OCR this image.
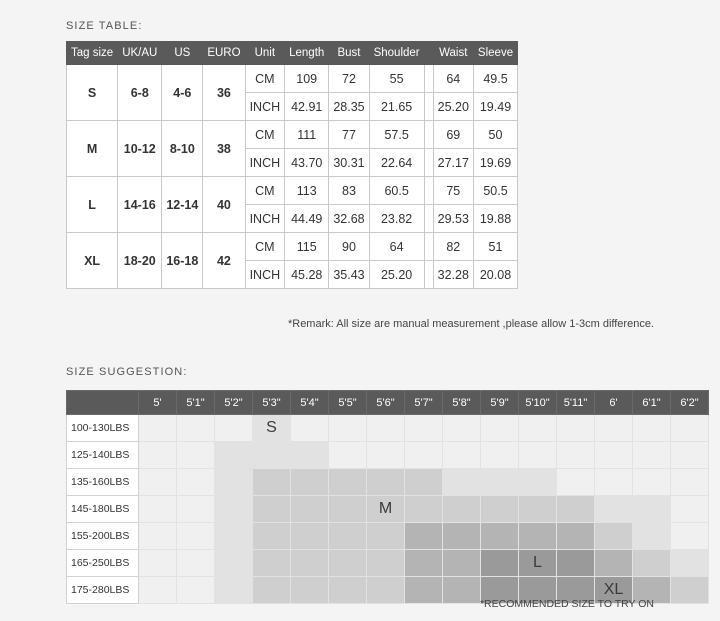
SIZE TABLE:
Tag size	UK/AU	US	EURO	Unit	Length	Bust	Shoulder		Waist	Sleeve
S	6-8	4-6	36	CM	109	72	55		64	49.5
				INCH	42.91	28.35	21.65		25.20	19.49
M	10-12	8-10	38	CM	111	77	57.5		69	50
				INCH	43.70	30.31	22.64		27.17	19.69
L	14-16	12-14	40	CM	113	83	60.5		75	50.5
				INCH	44.49	32.68	23.82		29.53	19.88
XL	18-20	16-18	42	CM	115	90	64		82	51
				INCH	45.28	35.43	25.20		32.28	20.08
*Remark: All size are manual measurement ,please allow 1-3cm difference.
SIZE SUGGESTION:
	5'	5'1"	5'2"	5'3"	5'4"	5'5"	5'6"	5'7"	5'8"	5'9"	5'10"	5'11"	6'	6'1"	6'2"
100-130LBS				S											
125-140LBS															
135-160LBS															
145-180LBS							M								
155-200LBS															
165-250LBS											L				
175-280LBS													XL		
*RECOMMENDED SIZE TO TRY ON
